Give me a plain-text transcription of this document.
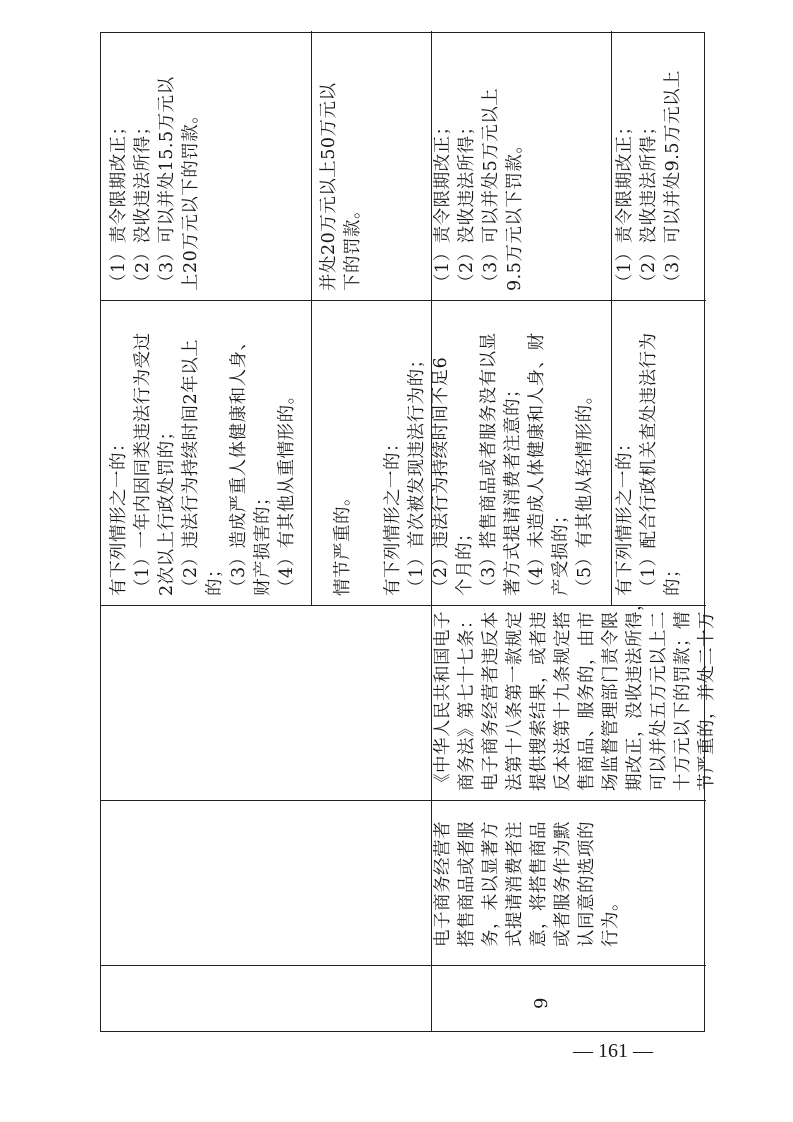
有下列情形之一的： （1）一年内因同类违法行为受过 2次以上行政处罚的； （2）违法行为持续时间2年以上 的； （3）造成严重人体健康和人身、 财产损害的； （4）有其他从重情形的。
（1）责令限期改正； （2）没收违法所得； （3）可以并处15.5万元以 上20万元以下的罚款。
情节严重的。
并处20万元以上50万元以 下的罚款。
9
电子商务经营者 搭售商品或者服 务，未以显著方 式提请消费者注 意，将搭售商品 或者服务作为默 认同意的选项的 行为。
《中华人民共和国电子 商务法》第七十七条： 电子商务经营者违反本 法第十八条第一款规定 提供搜索结果，或者违 反本法第十九条规定搭 售商品、服务的，由市 场监督管理部门责令限 期改正，没收违法所得， 可以并处五万元以上二 十万元以下的罚款；情 节严重的，并处二十万
有下列情形之一的： （1）首次被发现违法行为的； （2）违法行为持续时间不足6 个月的； （3）搭售商品或者服务没有以显 著方式提请消费者注意的； （4）未造成人体健康和人身、财 产受损的； （5）有其他从轻情形的。
（1）责令限期改正； （2）没收违法所得； （3）可以并处5万元以上 9.5万元以下罚款。
有下列情形之一的： （1）配合行政机关查处违法行为 的；
（1）责令限期改正； （2）没收违法所得； （3）可以并处9.5万元以上
— 161 —
